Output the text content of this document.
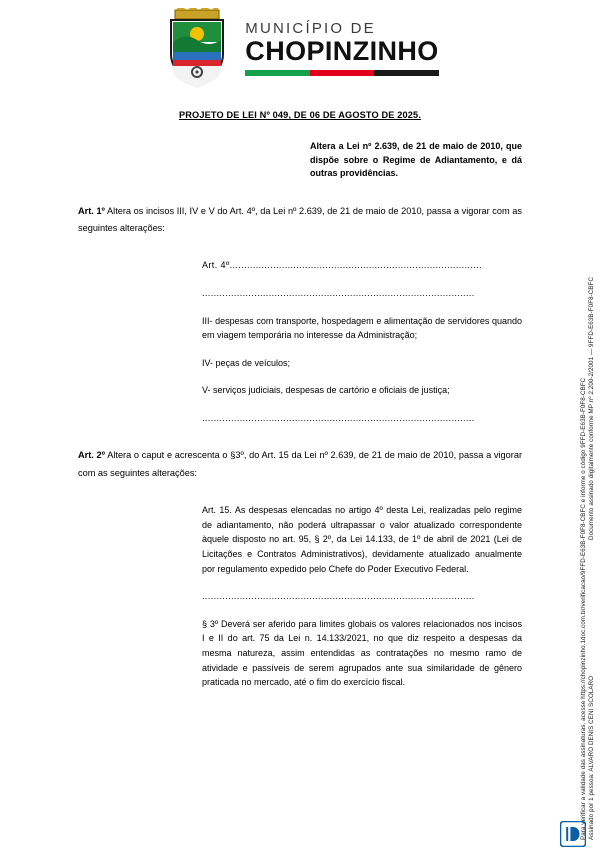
MUNICÍPIO DE
CHOPINZINHO
PROJETO DE LEI Nº 049, DE 06 DE AGOSTO DE 2025.
Altera a Lei nº 2.639, de 21 de maio de 2010, que dispõe sobre o Regime de Adiantamento, e dá outras providências.
Art. 1º Altera os incisos III, IV e V do Art. 4º, da Lei nº 2.639, de 21 de maio de 2010, passa a vigorar com as seguintes alterações:

Art. 4º.......................................................................................

..............................................................................................

III- despesas com transporte, hospedagem e alimentação de servidores quando em viagem temporária no interesse da Administração;

IV- peças de veículos;

V- serviços judiciais, despesas de cartório e oficiais de justiça;

..............................................................................................

Art. 2º Altera o caput e acrescenta o §3º, do Art. 15 da Lei nº 2.639, de 21 de maio de 2010, passa a vigorar com as seguintes alterações:

Art. 15. As despesas elencadas no artigo 4º desta Lei, realizadas pelo regime de adiantamento, não poderá ultrapassar o valor atualizado correspondente àquele disposto no art. 95, § 2º, da Lei 14.133, de 1º de abril de 2021 (Lei de Licitações e Contratos Administrativos), devidamente atualizado anualmente por regulamento expedido pelo Chefe do Poder Executivo Federal.

..............................................................................................

§ 3º Deverá ser aferido para limites globais os valores relacionados nos incisos I e II do art. 75 da Lei n. 14.133/2021, no que diz respeito a despesas da mesma natureza, assim entendidas as contratações no mesmo ramo de atividade e passíveis de serem agrupados ante sua similaridade de gênero praticada no mercado, até o fim do exercício fiscal.

Documento assinado digitalmente conforme MP nº 2.200-2/2001 — 9FFD-E63B-F0F8-CBFC
Assinado por 1 pessoa: ALVARO DENIS CENI SCOLARO
Para verificar a validade das assinaturas, acesse https://chopinzinho.1doc.com.br/verificacao/9FFD-E63B-F0F8-CBFC e informe o código 9FFD-E63B-F0F8-CBFC
